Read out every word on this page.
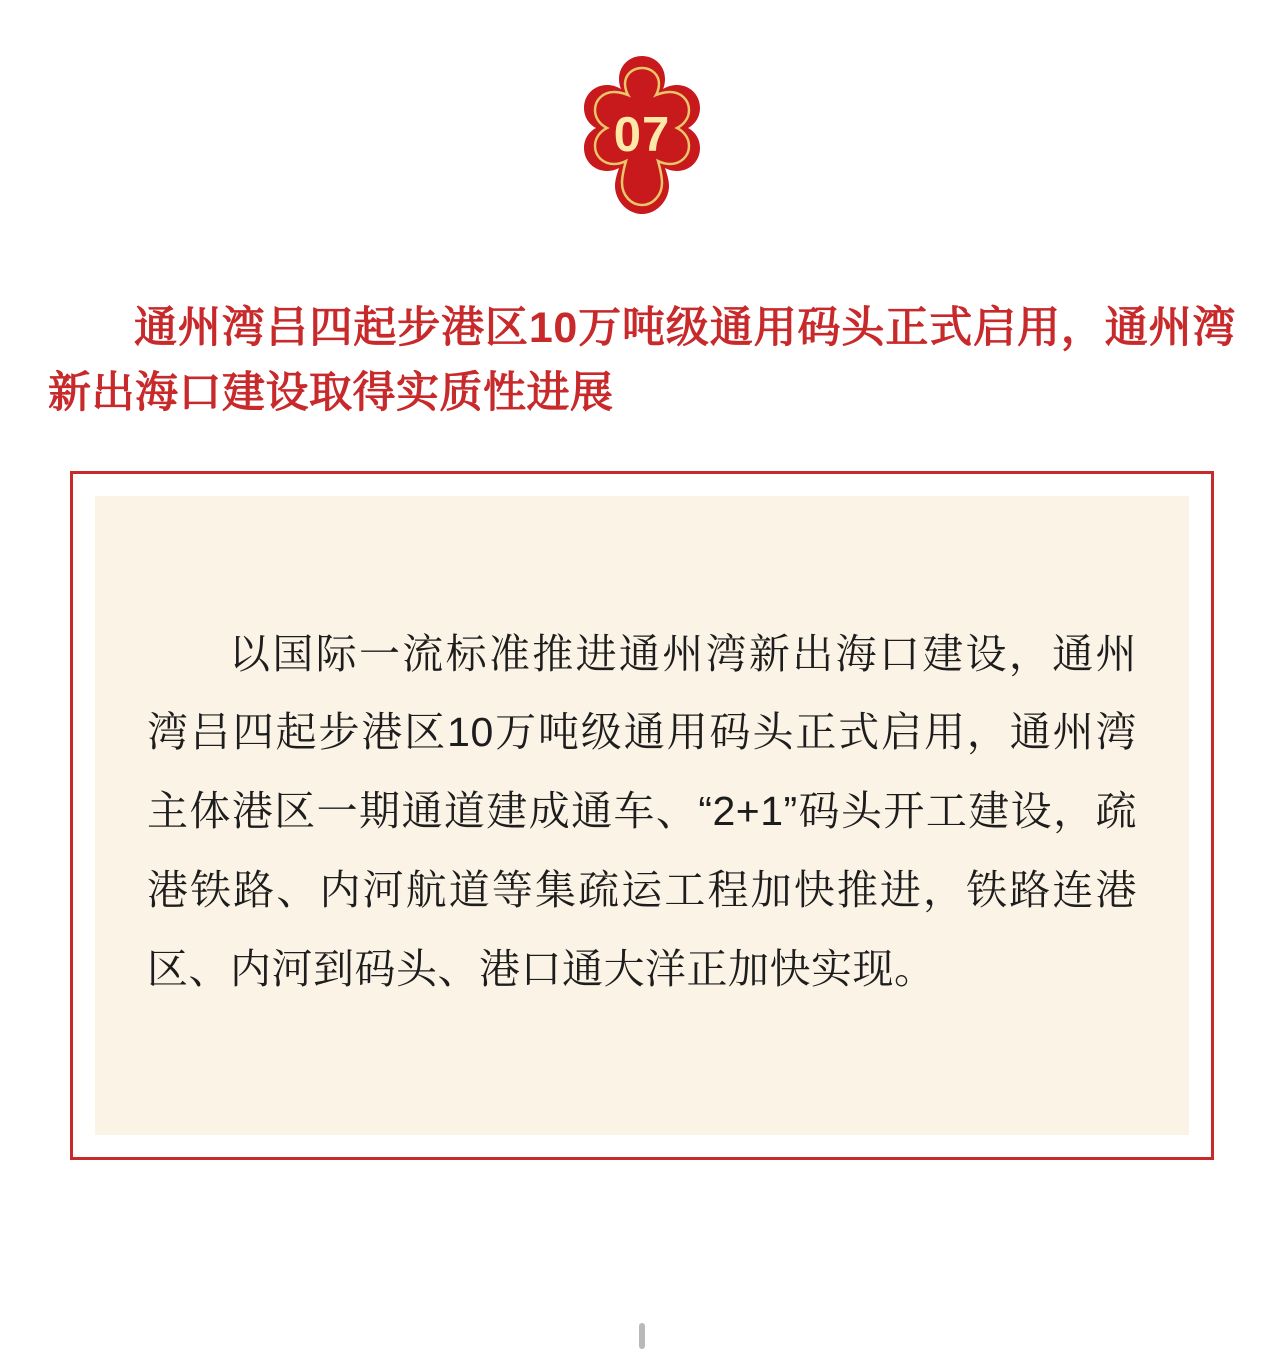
07
通州湾吕四起步港区10万吨级通用码头正式启用，通州湾新出海口建设取得实质性进展

以国际一流标准推进通州湾新出海口建设，通州湾吕四起步港区10万吨级通用码头正式启用，通州湾主体港区一期通道建成通车、“2+1”码头开工建设，疏港铁路、内河航道等集疏运工程加快推进，铁路连港区、内河到码头、港口通大洋正加快实现。
